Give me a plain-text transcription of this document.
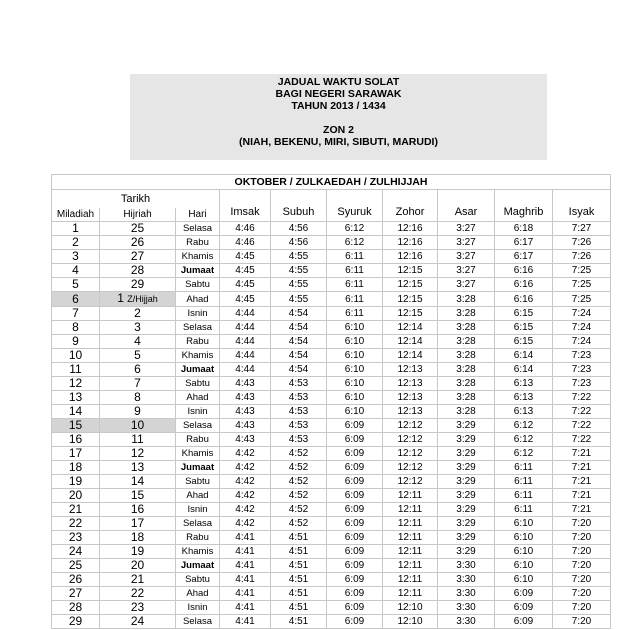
JADUAL WAKTU SOLAT
BAGI NEGERI SARAWAK
TAHUN 2013 / 1434
ZON 2
(NIAH, BEKENU, MIRI, SIBUTI, MARUDI)
OKTOBER / ZULKAEDAH / ZULHIJJAH									
Tarikh			Imsak	Subuh	Syuruk	Zohor	Asar	Maghrib	Isyak
Miladiah	Hijriah	Hari							
1	25	Selasa	4:46	4:56	6:12	12:16	3:27	6:18	7:27
2	26	Rabu	4:46	4:56	6:12	12:16	3:27	6:17	7:26
3	27	Khamis	4:45	4:55	6:11	12:16	3:27	6:17	7:26
4	28	Jumaat	4:45	4:55	6:11	12:15	3:27	6:16	7:25
5	29	Sabtu	4:45	4:55	6:11	12:15	3:27	6:16	7:25
6	1 Z/Hijjah	Ahad	4:45	4:55	6:11	12:15	3:28	6:16	7:25
7	2	Isnin	4:44	4:54	6:11	12:15	3:28	6:15	7:24
8	3	Selasa	4:44	4:54	6:10	12:14	3:28	6:15	7:24
9	4	Rabu	4:44	4:54	6:10	12:14	3:28	6:15	7:24
10	5	Khamis	4:44	4:54	6:10	12:14	3:28	6:14	7:23
11	6	Jumaat	4:44	4:54	6:10	12:13	3:28	6:14	7:23
12	7	Sabtu	4:43	4:53	6:10	12:13	3:28	6:13	7:23
13	8	Ahad	4:43	4:53	6:10	12:13	3:28	6:13	7:22
14	9	Isnin	4:43	4:53	6:10	12:13	3:28	6:13	7:22
15	10	Selasa	4:43	4:53	6:09	12:12	3:29	6:12	7:22
16	11	Rabu	4:43	4:53	6:09	12:12	3:29	6:12	7:22
17	12	Khamis	4:42	4:52	6:09	12:12	3:29	6:12	7:21
18	13	Jumaat	4:42	4:52	6:09	12:12	3:29	6:11	7:21
19	14	Sabtu	4:42	4:52	6:09	12:12	3:29	6:11	7:21
20	15	Ahad	4:42	4:52	6:09	12:11	3:29	6:11	7:21
21	16	Isnin	4:42	4:52	6:09	12:11	3:29	6:11	7:21
22	17	Selasa	4:42	4:52	6:09	12:11	3:29	6:10	7:20
23	18	Rabu	4:41	4:51	6:09	12:11	3:29	6:10	7:20
24	19	Khamis	4:41	4:51	6:09	12:11	3:29	6:10	7:20
25	20	Jumaat	4:41	4:51	6:09	12:11	3:30	6:10	7:20
26	21	Sabtu	4:41	4:51	6:09	12:11	3:30	6:10	7:20
27	22	Ahad	4:41	4:51	6:09	12:11	3:30	6:09	7:20
28	23	Isnin	4:41	4:51	6:09	12:10	3:30	6:09	7:20
29	24	Selasa	4:41	4:51	6:09	12:10	3:30	6:09	7:20
